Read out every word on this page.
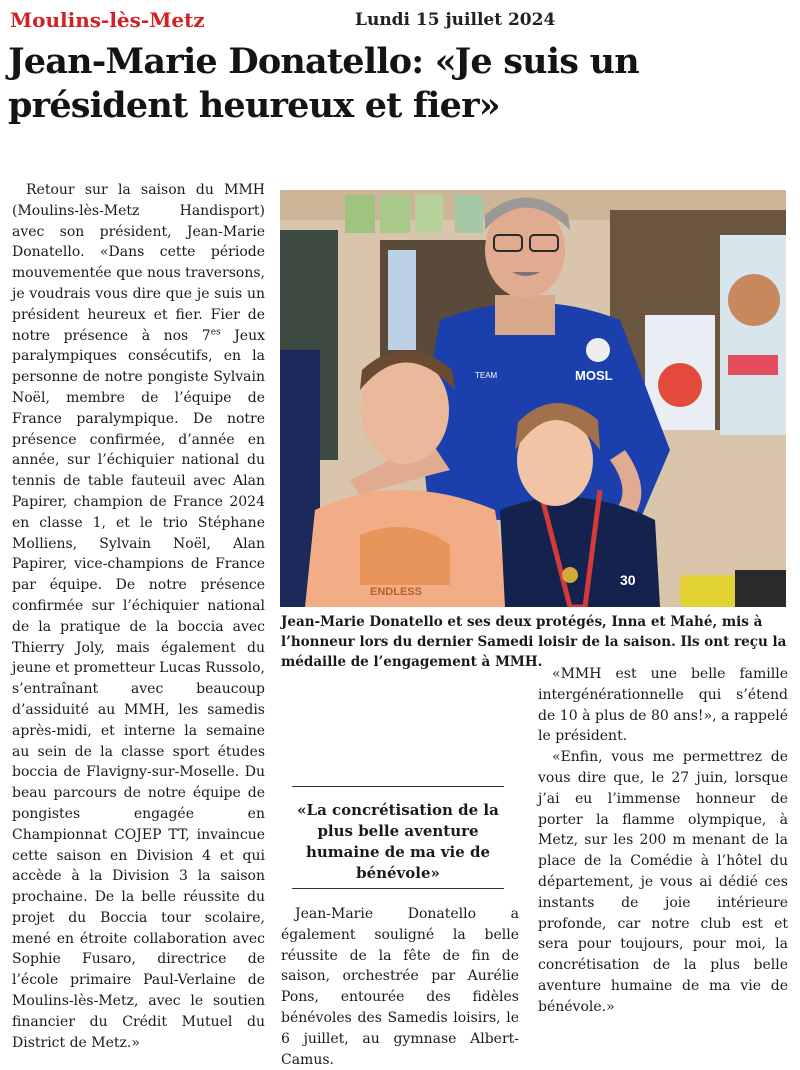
Moulins-lès-Metz	Lundi 15 juillet 2024
Jean-Marie Donatello: «Je suis un président heureux et fier»

Retour sur la saison du MMH (Moulins-lès-Metz Handisport) avec son président, Jean-Marie Donatello. «Dans cette période mouvementée que nous traversons, je voudrais vous dire que je suis un président heureux et fier. Fier de notre présence à nos $7^{es}$ Jeux paralympiques consécutifs, en la personne de notre pongiste Sylvain Noël, membre de l’équipe de France paralympique. De notre présence confirmée, d’année en année, sur l’échiquier national du tennis de table fauteuil avec Alan Papirer, champion de France 2024 en classe 1, et le trio Stéphane Molliens, Sylvain Noël, Alan Papirer, vice-champions de France par équipe. De notre présence confirmée sur l’échiquier national de la pratique de la boccia avec Thierry Joly, mais également du jeune et prometteur Lucas Russolo, s’entraînant avec beaucoup d’assiduité au MMH, les samedis après-midi, et interne la semaine au sein de la classe sport études boccia de Flavigny-sur-Moselle. Du beau parcours de notre équipe de pongistes engagée en Championnat COJEP TT, invaincue cette saison en Division 4 et qui accède à la Division 3 la saison prochaine. De la belle réussite du projet du Boccia tour scolaire, mené en étroite collaboration avec Sophie Fusaro, directrice de l’école primaire Paul-Verlaine de Moulins-lès-Metz, avec le soutien financier du Crédit Mutuel du District de Metz.»

MOSL
TEAM
ENDLESS
30

Jean-Marie Donatello et ses deux protégés, Inna et Mahé, mis à l’honneur lors du dernier Samedi loisir de la saison. Ils ont reçu la médaille de l’engagement à MMH.

Jean-Marie Donatello a également souligné la belle réussite de la fête de fin de saison, orchestrée par Aurélie Pons, entourée des fidèles bénévoles des Samedis loisirs, le 6 juillet, au gymnase Albert-Camus.

«La concrétisation de la plus belle aventure humaine de ma vie de bénévole»

«MMH est une belle famille intergénérationnelle qui s’étend de 10 à plus de 80 ans!», a rappelé le président.

«Enfin, vous me permettrez de vous dire que, le 27 juin, lorsque j’ai eu l’immense honneur de porter la flamme olympique, à Metz, sur les 200 m menant de la place de la Comédie à l’hôtel du département, je vous ai dédié ces instants de joie intérieure profonde, car notre club est et sera pour toujours, pour moi, la concrétisation de la plus belle aventure humaine de ma vie de bénévole.»
